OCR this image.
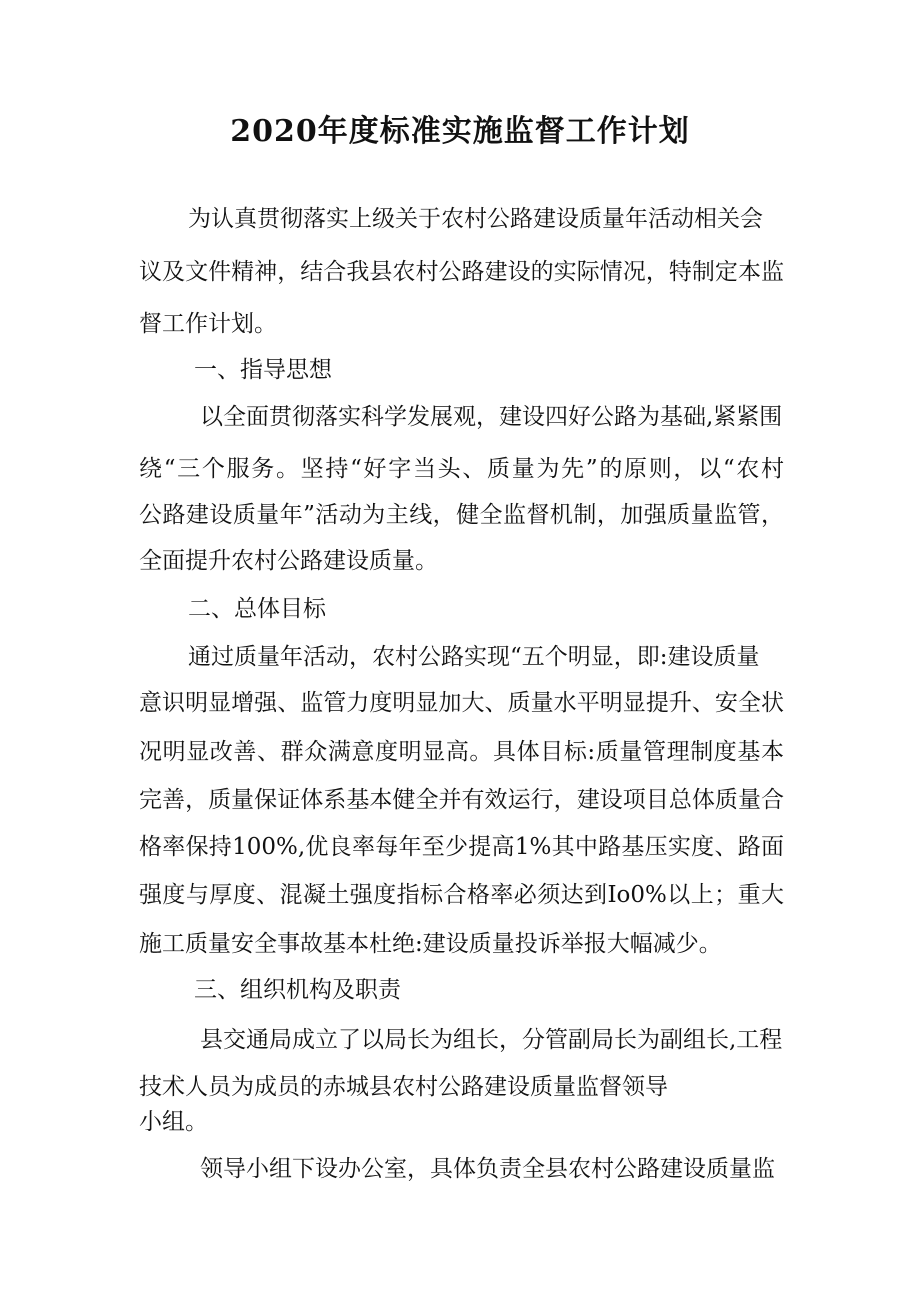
2020年度标准实施监督工作计划

为认真贯彻落实上级关于农村公路建设质量年活动相关会

议及文件精神，结合我县农村公路建设的实际情况，特制定本监

督工作计划。

一、指导思想

以全面贯彻落实科学发展观，建设四好公路为基础,紧紧围

绕“三个服务。坚持“好字当头、质量为先”的原则，以“农村

公路建设质量年”活动为主线，健全监督机制，加强质量监管，

全面提升农村公路建设质量。

二、总体目标

通过质量年活动，农村公路实现“五个明显，即:建设质量

意识明显增强、监管力度明显加大、质量水平明显提升、安全状

况明显改善、群众满意度明显高。具体目标:质量管理制度基本

完善，质量保证体系基本健全并有效运行，建设项目总体质量合

格率保持100%,优良率每年至少提高1%其中路基压实度、路面

强度与厚度、混凝土强度指标合格率必须达到Io0%以上；重大

施工质量安全事故基本杜绝:建设质量投诉举报大幅减少。

三、组织机构及职责

县交通局成立了以局长为组长，分管副局长为副组长,工程

技术人员为成员的赤城县农村公路建设质量监督领导

小组。

领导小组下设办公室，具体负责全县农村公路建设质量监
